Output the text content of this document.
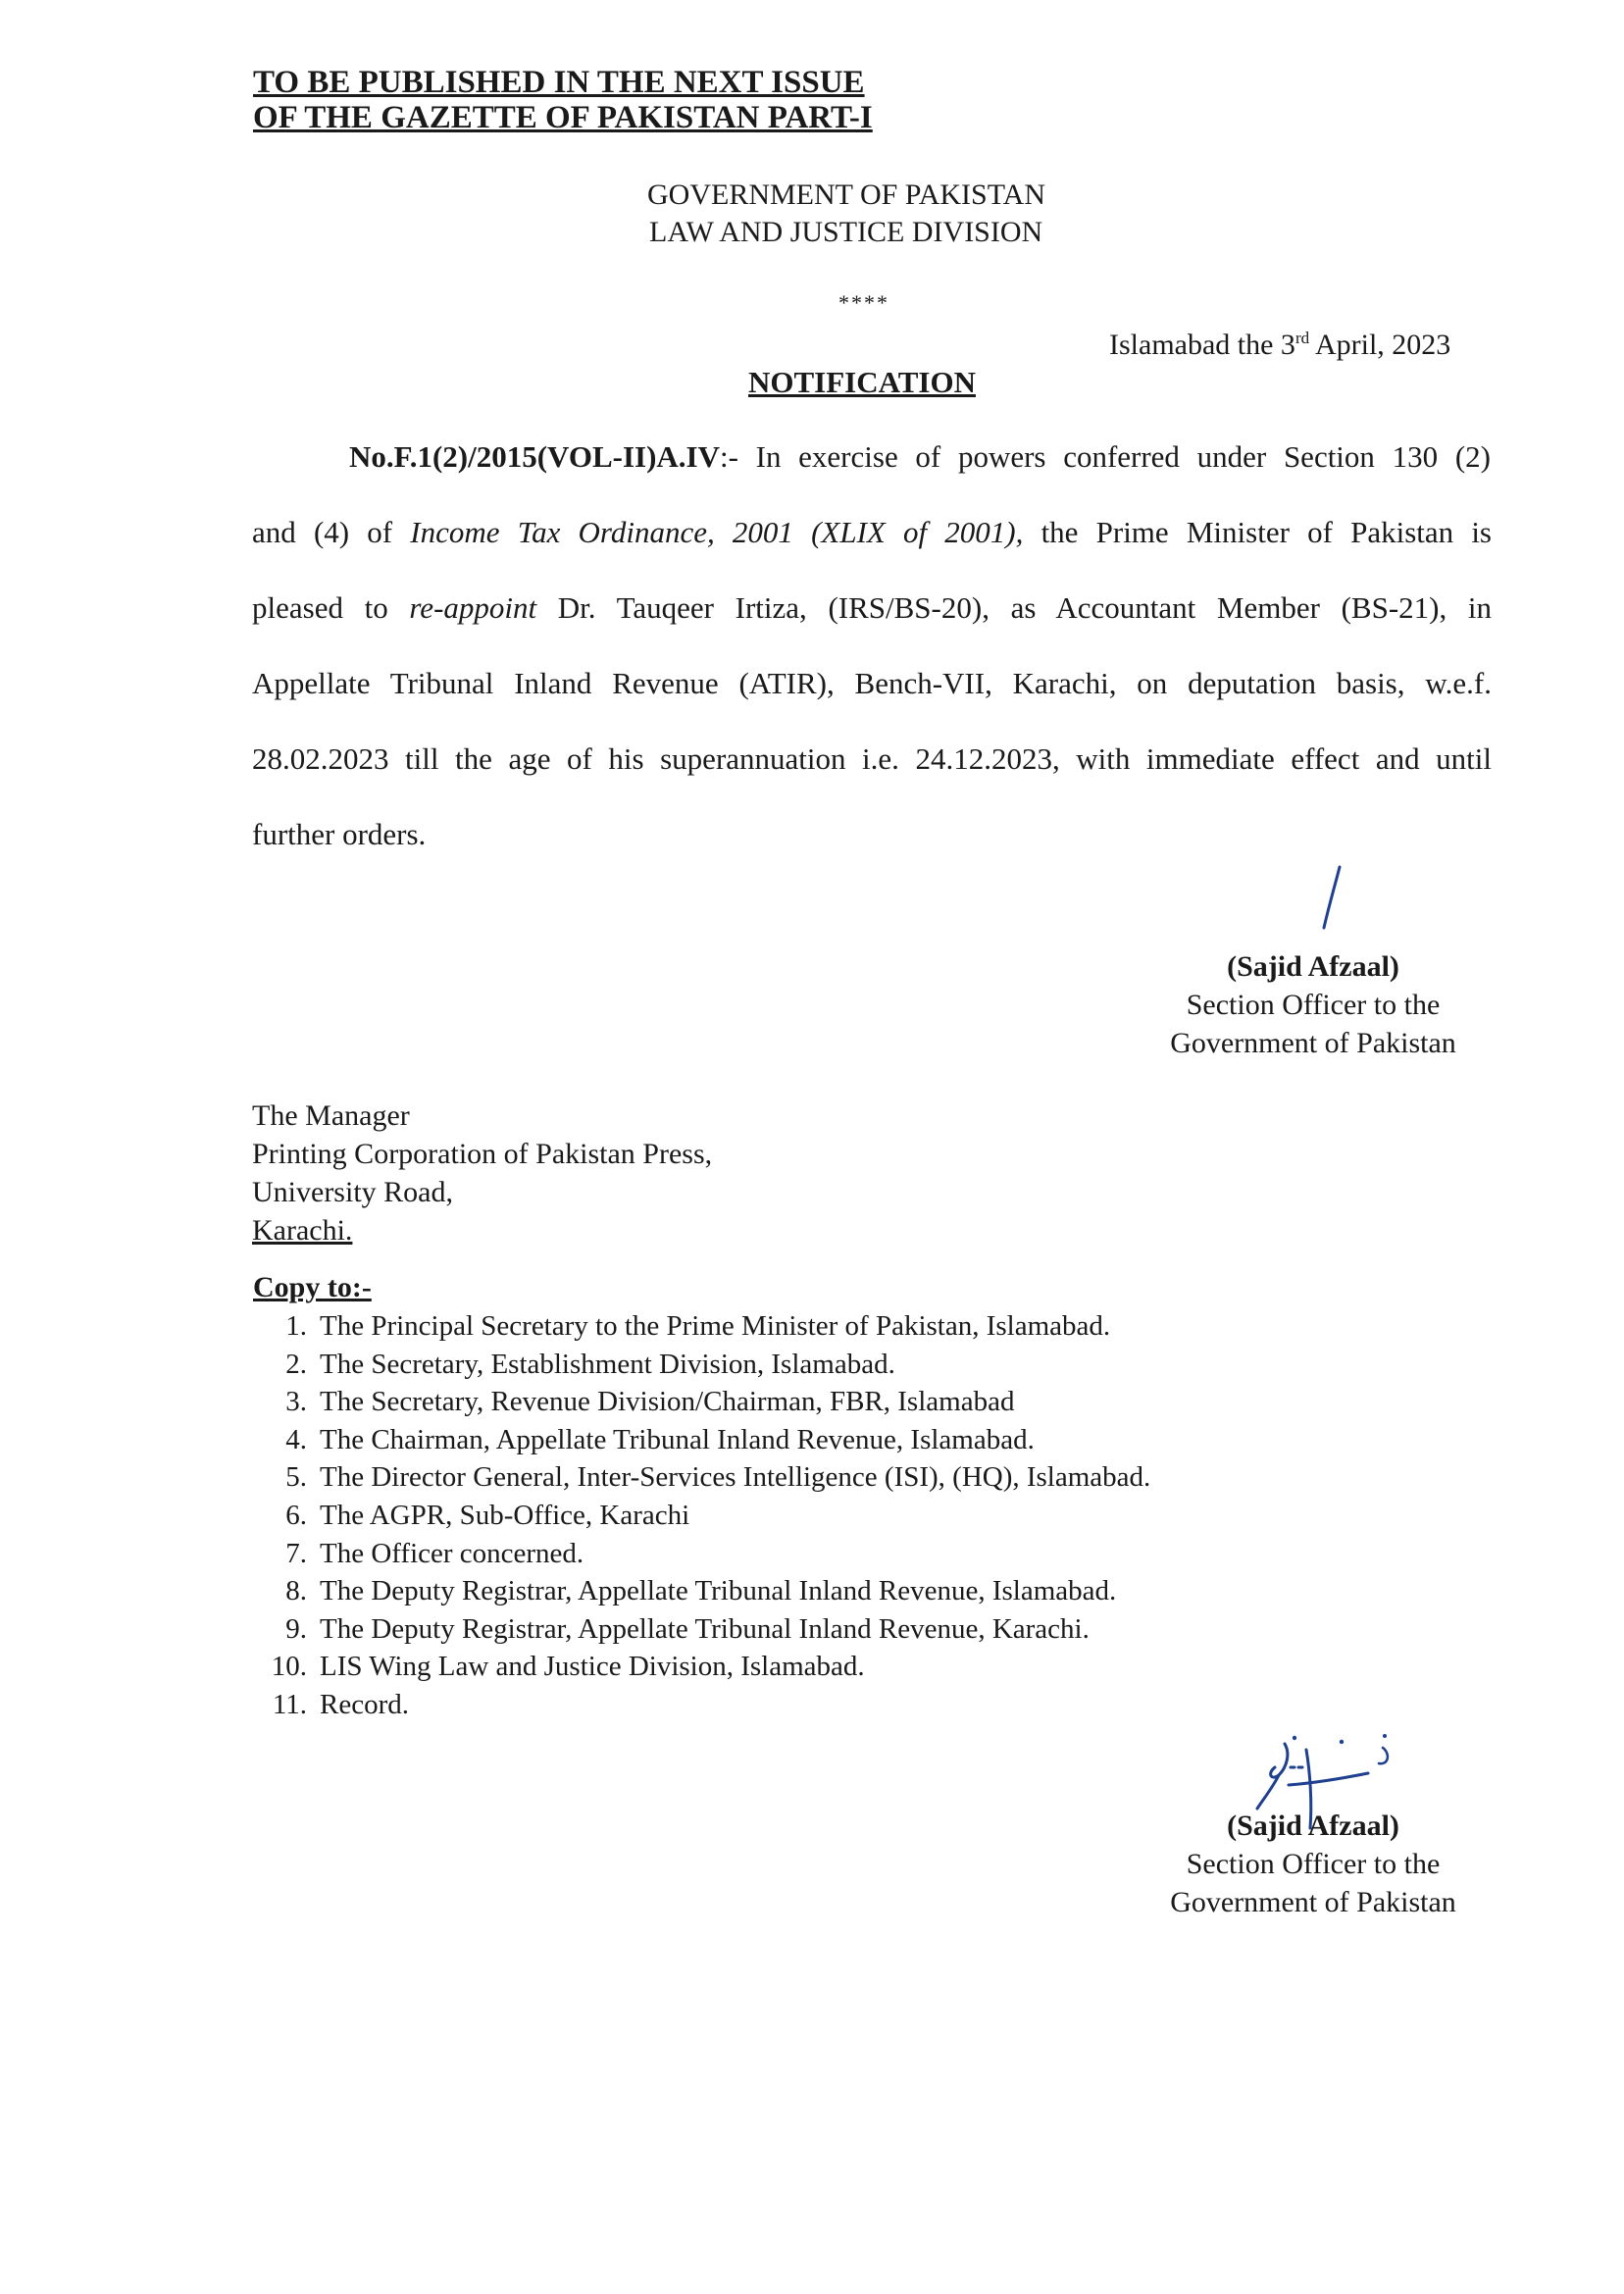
TO BE PUBLISHED IN THE NEXT ISSUE
OF THE GAZETTE OF PAKISTAN PART-I
GOVERNMENT OF PAKISTAN
LAW AND JUSTICE DIVISION
****
Islamabad the 3rd April, 2023
NOTIFICATION
No.F.1(2)/2015(VOL-II)A.IV:- In exercise of powers conferred under Section 130 (2)
and (4) of Income Tax Ordinance, 2001 (XLIX of 2001), the Prime Minister of Pakistan is
pleased to re-appoint Dr. Tauqeer Irtiza, (IRS/BS-20), as Accountant Member (BS-21), in
Appellate Tribunal Inland Revenue (ATIR), Bench-VII, Karachi, on deputation basis, w.e.f.
28.02.2023 till the age of his superannuation i.e. 24.12.2023, with immediate effect and until
further orders.
(Sajid Afzaal)
Section Officer to the
Government of Pakistan
The Manager
Printing Corporation of Pakistan Press,
University Road,
Karachi.
Copy to:-
1. The Principal Secretary to the Prime Minister of Pakistan, Islamabad.
2. The Secretary, Establishment Division, Islamabad.
3. The Secretary, Revenue Division/Chairman, FBR, Islamabad
4. The Chairman, Appellate Tribunal Inland Revenue, Islamabad.
5. The Director General, Inter-Services Intelligence (ISI), (HQ), Islamabad.
6. The AGPR, Sub-Office, Karachi
7. The Officer concerned.
8. The Deputy Registrar, Appellate Tribunal Inland Revenue, Islamabad.
9. The Deputy Registrar, Appellate Tribunal Inland Revenue, Karachi.
10. LIS Wing Law and Justice Division, Islamabad.
11. Record.
(Sajid Afzaal)
Section Officer to the
Government of Pakistan
